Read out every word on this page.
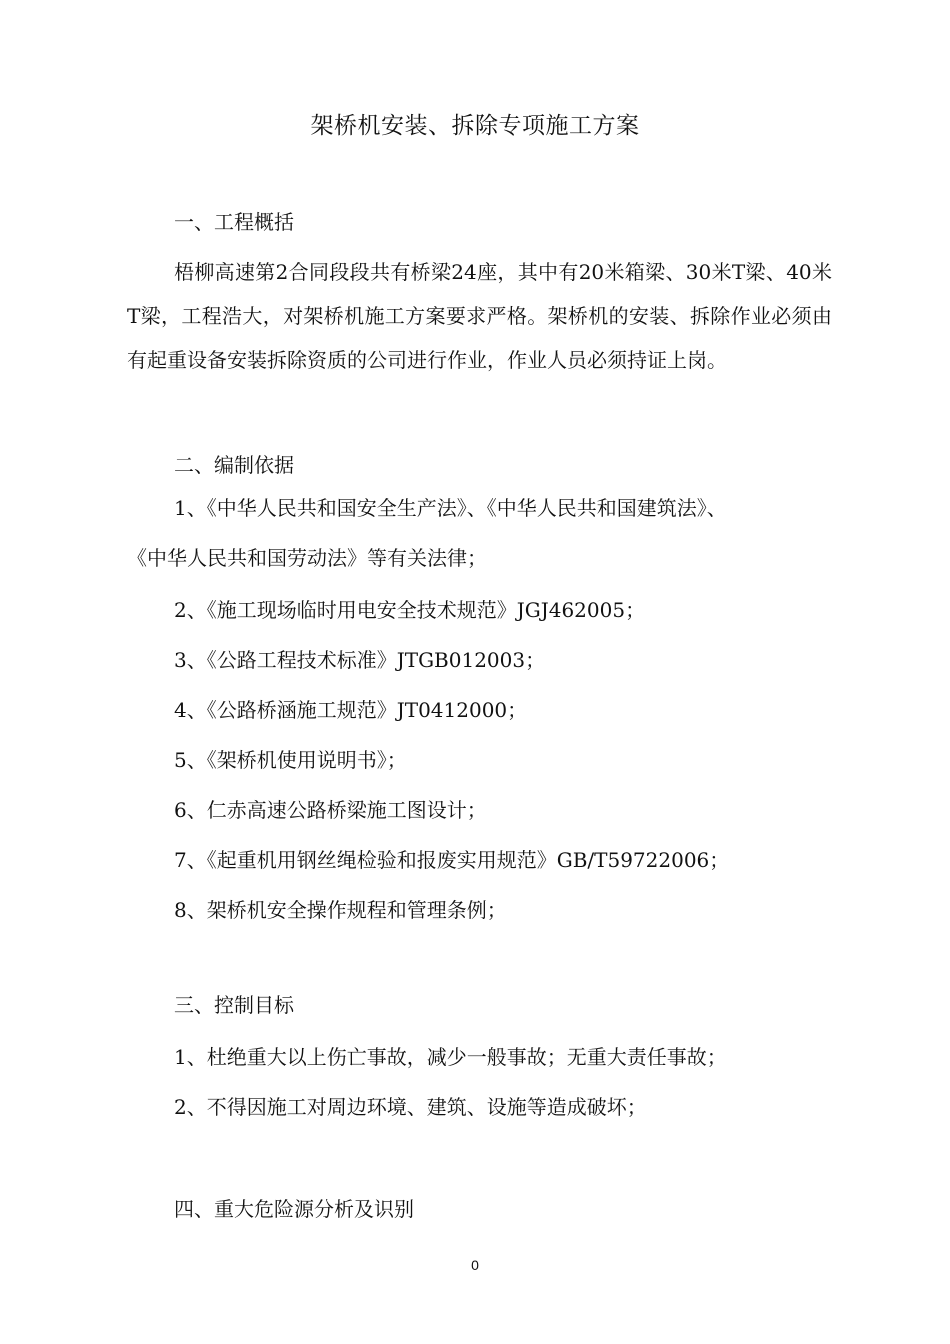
架桥机安装、拆除专项施工方案
一、工程概括
梧柳高速第2合同段段共有桥梁24座，其中有20米箱梁、30米T梁、40米T梁，工程浩大，对架桥机施工方案要求严格。架桥机的安装、拆除作业必须由有起重设备安装拆除资质的公司进行作业，作业人员必须持证上岗。
二、编制依据
1、《中华人民共和国安全生产法》、《中华人民共和国建筑法》、
《中华人民共和国劳动法》等有关法律；
2、《施工现场临时用电安全技术规范》JGJ462005；
3、《公路工程技术标准》JTGB012003；
4、《公路桥涵施工规范》JT0412000；
5、《架桥机使用说明书》；
6、仁赤高速公路桥梁施工图设计；
7、《起重机用钢丝绳检验和报废实用规范》GB/T59722006；
8、架桥机安全操作规程和管理条例；
三、控制目标
1、杜绝重大以上伤亡事故，减少一般事故；无重大责任事故；
2、不得因施工对周边环境、建筑、设施等造成破坏；
四、重大危险源分析及识别
0
